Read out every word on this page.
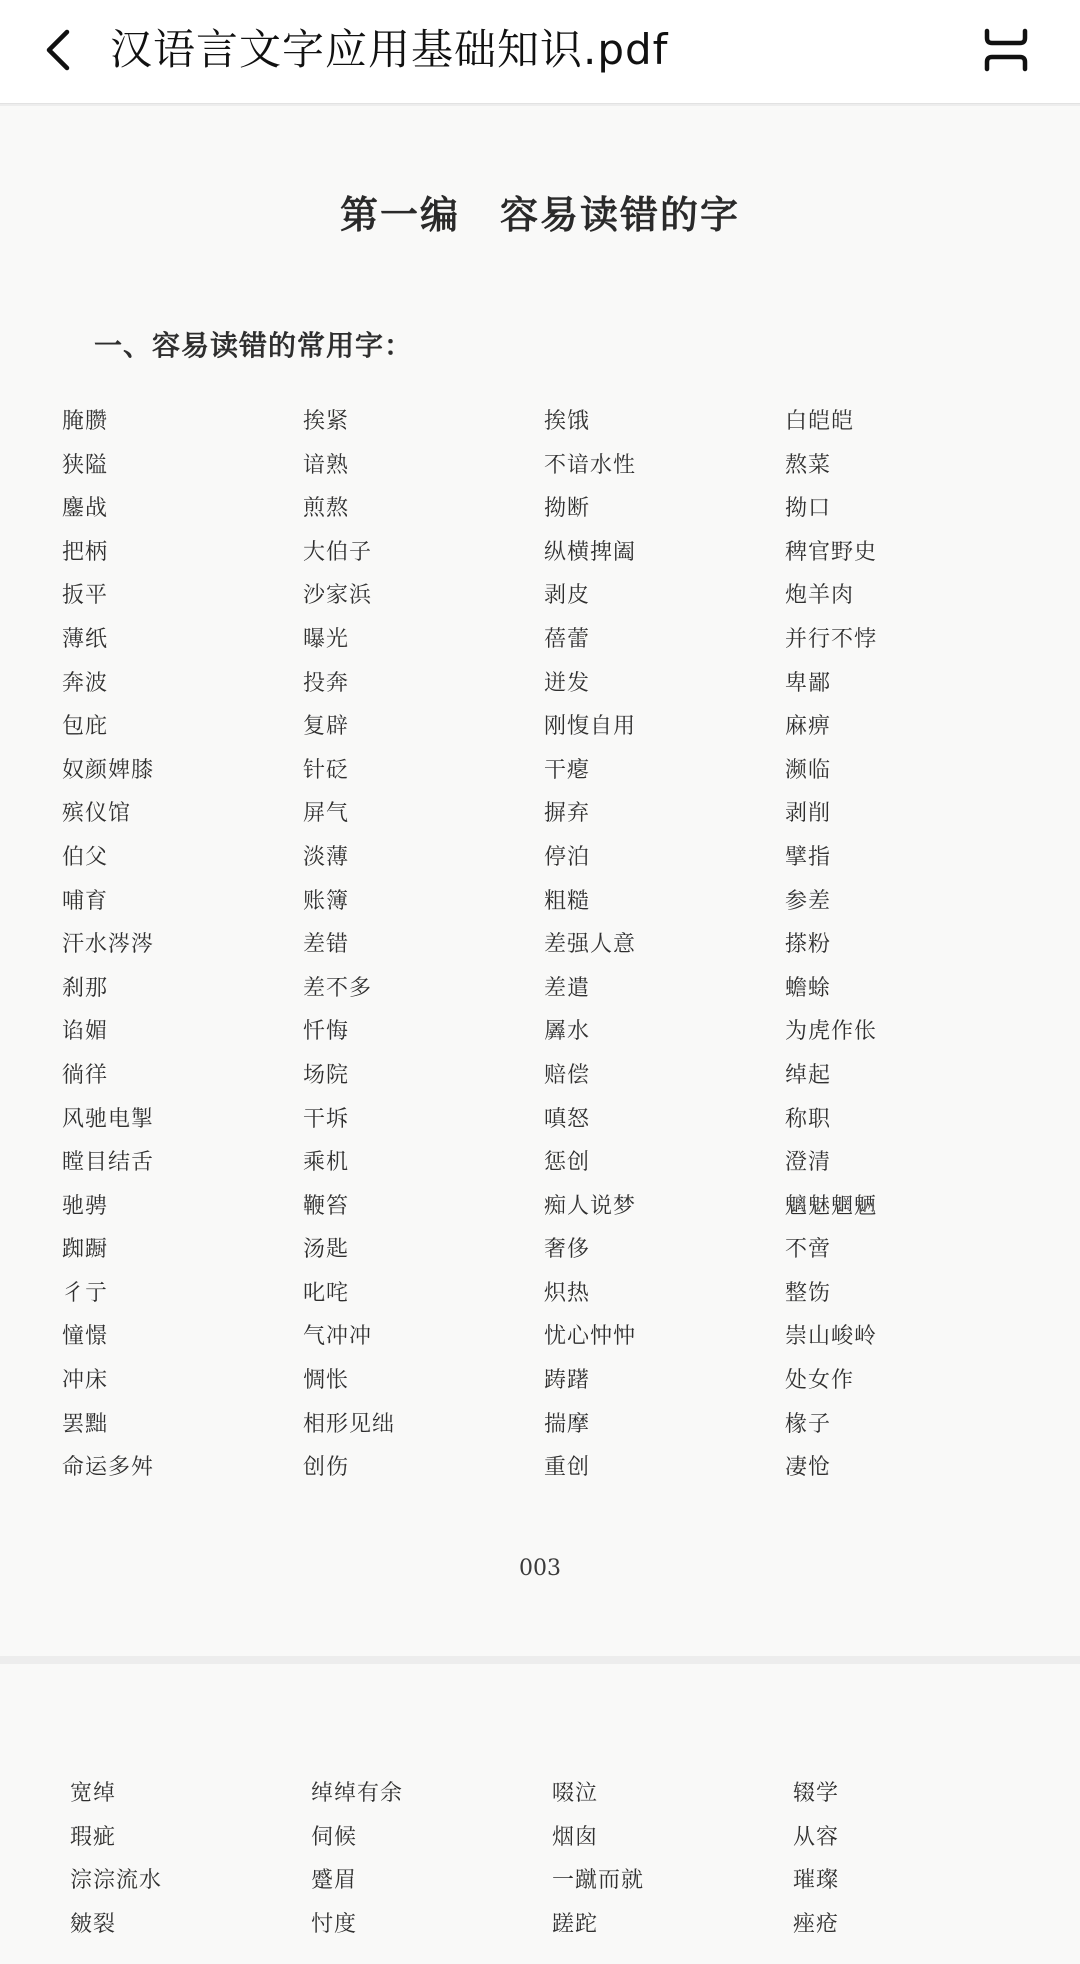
汉语言文字应用基础知识.pdf
第一编　容易读错的字
一、容易读错的常用字：
腌臜	挨紧	挨饿	白皑皑
狭隘	谙熟	不谙水性	熬菜
鏖战	煎熬	拗断	拗口
把柄	大伯子	纵横捭阖	稗官野史
扳平	沙家浜	剥皮	炮羊肉
薄纸	曝光	蓓蕾	并行不悖
奔波	投奔	迸发	卑鄙
包庇	复辟	刚愎自用	麻痹
奴颜婢膝	针砭	干瘪	濒临
殡仪馆	屏气	摒弃	剥削
伯父	淡薄	停泊	擘指
哺育	账簿	粗糙	参差
汗水涔涔	差错	差强人意	搽粉
刹那	差不多	差遣	蟾蜍
谄媚	忏悔	羼水	为虎作伥
徜徉	场院	赔偿	绰起
风驰电掣	干坼	嗔怒	称职
瞠目结舌	乘机	惩创	澄清
驰骋	鞭笞	痴人说梦	魑魅魍魉
踟蹰	汤匙	奢侈	不啻
彳亍	叱咤	炽热	整饬
憧憬	气冲冲	忧心忡忡	崇山峻岭
冲床	惆怅	踌躇	处女作
罢黜	相形见绌	揣摩	椽子
命运多舛	创伤	重创	凄怆
003
宽绰	绰绰有余	啜泣	辍学
瑕疵	伺候	烟囱	从容
淙淙流水	蹙眉	一蹴而就	璀璨
皴裂	忖度	蹉跎	痤疮
